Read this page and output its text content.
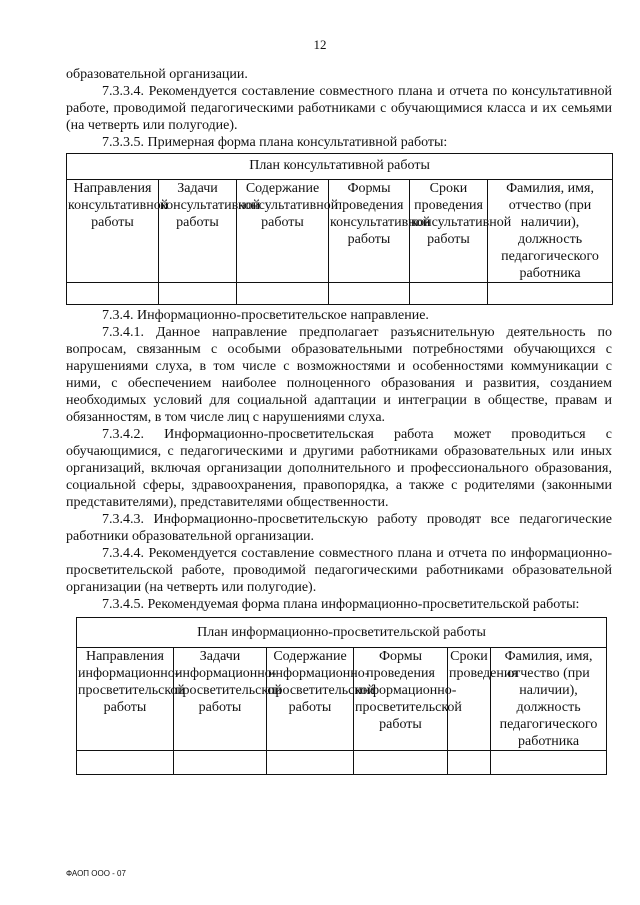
12

образовательной организации.

7.3.3.4. Рекомендуется составление совместного плана и отчета по консультативной работе, проводимой педагогическими работниками с обучающимися класса и их семьями (на четверть или полугодие).

7.3.3.5. Примерная форма плана консультативной работы:

План консультативной работы					
Направления консультативной работы	Задачи консультативной работы	Содержание консультативной работы	Формы проведения консультативной работы	Сроки проведения консультативной работы	Фамилия, имя, отчество (при наличии), должность педагогического работника

7.3.4. Информационно-просветительское направление.

7.3.4.1. Данное направление предполагает разъяснительную деятельность по вопросам, связанным с особыми образовательными потребностями обучающихся с нарушениями слуха, в том числе с возможностями и особенностями коммуникации с ними, с обеспечением наиболее полноценного образования и развития, созданием необходимых условий для социальной адаптации и интеграции в обществе, правам и обязанностям, в том числе лиц с нарушениями слуха.

7.3.4.2. Информационно-просветительская работа может проводиться с обучающимися, с педагогическими и другими работниками образовательных или иных организаций, включая организации дополнительного и профессионального образования, социальной сферы, здравоохранения, правопорядка, а также с родителями (законными представителями), представителями общественности.

7.3.4.3. Информационно-просветительскую работу проводят все педагогические работники образовательной организации.

7.3.4.4. Рекомендуется составление совместного плана и отчета по информационно-просветительской работе, проводимой педагогическими работниками образовательной организации (на четверть или полугодие).

7.3.4.5. Рекомендуемая форма плана информационно-просветительской работы:

План информационно-просветительской работы					
Направления информационно-просветительской работы	Задачи информационно-просветительской работы	Содержание информационно-просветительской работы	Формы проведения информационно-просветительской работы	Сроки проведения	Фамилия, имя, отчество (при наличии), должность педагогического работника

ФАОП ООО - 07
